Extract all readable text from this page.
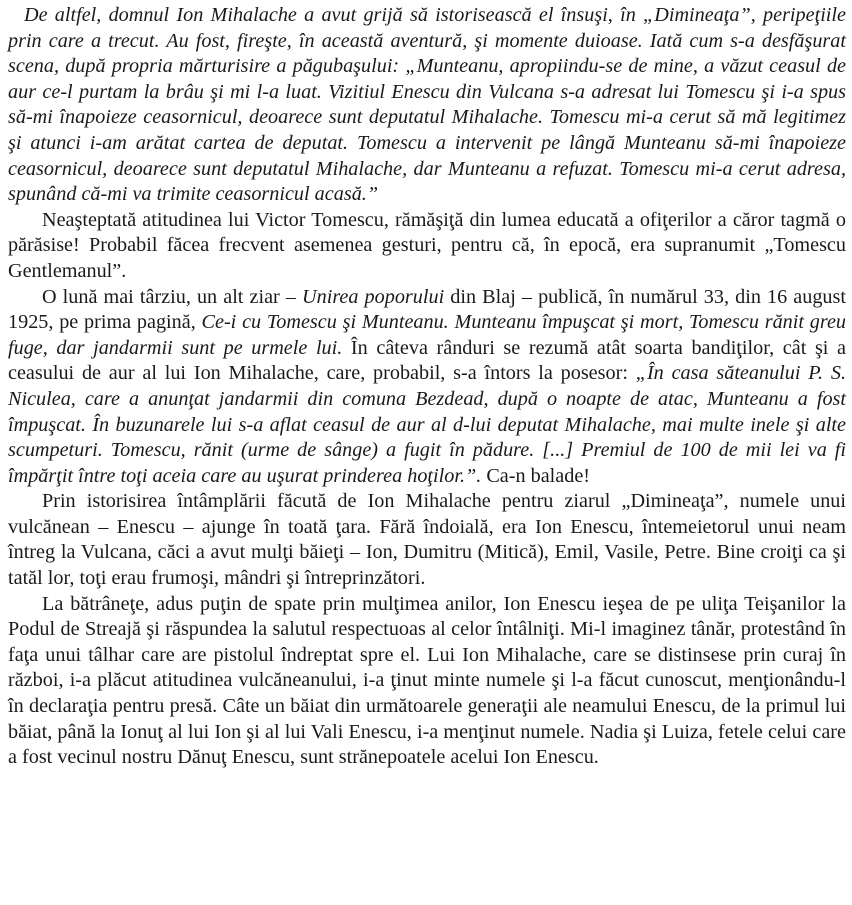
De altfel, domnul Ion Mihalache a avut grijă să istorisească el însuşi, în „Dimineaţa”, peripeţiile prin care a trecut. Au fost, fireşte, în această aventură, şi momente duioase. Iată cum s-a desfăşurat scena, după propria mărturisire a păgubaşului: „Munteanu, apropiindu-se de mine, a văzut ceasul de aur ce-l purtam la brâu şi mi l-a luat. Vizitiul Enescu din Vulcana s-a adresat lui Tomescu şi i-a spus să-mi înapoieze ceasornicul, deoarece sunt deputatul Mihalache. Tomescu mi-a cerut să mă legitimez şi atunci i-am arătat cartea de deputat. Tomescu a intervenit pe lângă Munteanu să-mi înapoieze ceasornicul, deoarece sunt deputatul Mihalache, dar Munteanu a refuzat. Tomescu mi-a cerut adresa, spunând că-mi va trimite ceasornicul acasă.”

Neaşteptată atitudinea lui Victor Tomescu, rămăşiţă din lumea educată a ofiţerilor a căror tagmă o părăsise! Probabil făcea frecvent asemenea gesturi, pentru că, în epocă, era supranumit „Tomescu Gentlemanul”.

O lună mai târziu, un alt ziar – Unirea poporului din Blaj – publică, în numărul 33, din 16 august 1925, pe prima pagină, Ce-i cu Tomescu şi Munteanu. Munteanu împuşcat şi mort, Tomescu rănit greu fuge, dar jandarmii sunt pe urmele lui. În câteva rânduri se rezumă atât soarta bandiţilor, cât şi a ceasului de aur al lui Ion Mihalache, care, probabil, s-a întors la posesor: „În casa săteanului P. S. Niculea, care a anunţat jandarmii din comuna Bezdead, după o noapte de atac, Munteanu a fost împuşcat. În buzunarele lui s-a aflat ceasul de aur al d-lui deputat Mihalache, mai multe inele şi alte scumpeturi. Tomescu, rănit (urme de sânge) a fugit în pădure. [...] Premiul de 100 de mii lei va fi împărţit între toţi aceia care au uşurat prinderea hoţilor.”. Ca-n balade!

Prin istorisirea întâmplării făcută de Ion Mihalache pentru ziarul „Dimineaţa”, numele unui vulcănean – Enescu – ajunge în toată ţara. Fără îndoială, era Ion Enescu, întemeietorul unui neam întreg la Vulcana, căci a avut mulţi băieţi – Ion, Dumitru (Mitică), Emil, Vasile, Petre. Bine croiţi ca şi tatăl lor, toţi erau frumoşi, mândri şi întreprinzători.

La bătrâneţe, adus puţin de spate prin mulţimea anilor, Ion Enescu ieşea de pe uliţa Teişanilor la Podul de Streajă şi răspundea la salutul respectuoas al celor întâlniţi. Mi-l imaginez tânăr, protestând în faţa unui tâlhar care are pistolul îndreptat spre el. Lui Ion Mihalache, care se distinsese prin curaj în război, i-a plăcut atitudinea vulcăneanului, i-a ţinut minte numele şi l-a făcut cunoscut, menţionându-l în declaraţia pentru presă. Câte un băiat din următoarele generaţii ale neamului Enescu, de la primul lui băiat, până la Ionuţ al lui Ion şi al lui Vali Enescu, i-a menţinut numele. Nadia şi Luiza, fetele celui care a fost vecinul nostru Dănuţ Enescu, sunt strănepoatele acelui Ion Enescu.
